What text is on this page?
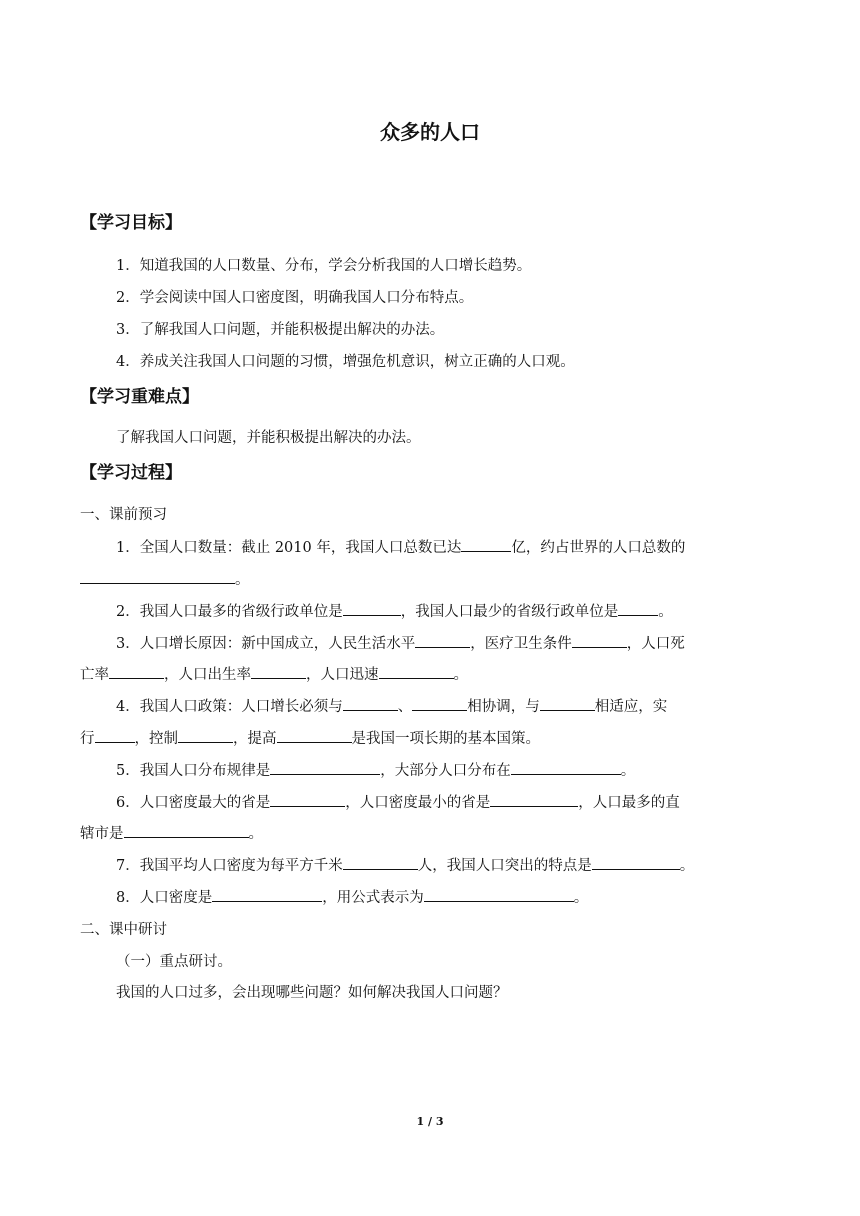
众多的人口
【学习目标】
1．知道我国的人口数量、分布，学会分析我国的人口增长趋势。
2．学会阅读中国人口密度图，明确我国人口分布特点。
3．了解我国人口问题，并能积极提出解决的办法。
4．养成关注我国人口问题的习惯，增强危机意识，树立正确的人口观。
【学习重难点】
了解我国人口问题，并能积极提出解决的办法。
【学习过程】
一、课前预习
1．全国人口数量：截止 2010 年，我国人口总数已达	亿，约占世界的人口总数的
。
2．我国人口最多的省级行政单位是	，我国人口最少的省级行政单位是	。
3．人口增长原因：新中国成立，人民生活水平	，医疗卫生条件	，人口死
亡率	，人口出生率	，人口迅速	。
4．我国人口政策：人口增长必须与	、	相协调，与	相适应，实
行	，控制	，提高	是我国一项长期的基本国策。
5．我国人口分布规律是	，大部分人口分布在	。
6．人口密度最大的省是	，人口密度最小的省是	，人口最多的直
辖市是	。
7．我国平均人口密度为每平方千米	人，我国人口突出的特点是	。
8．人口密度是	，用公式表示为	。
二、课中研讨
（一）重点研讨。
我国的人口过多，会出现哪些问题？如何解决我国人口问题？
1 / 3
